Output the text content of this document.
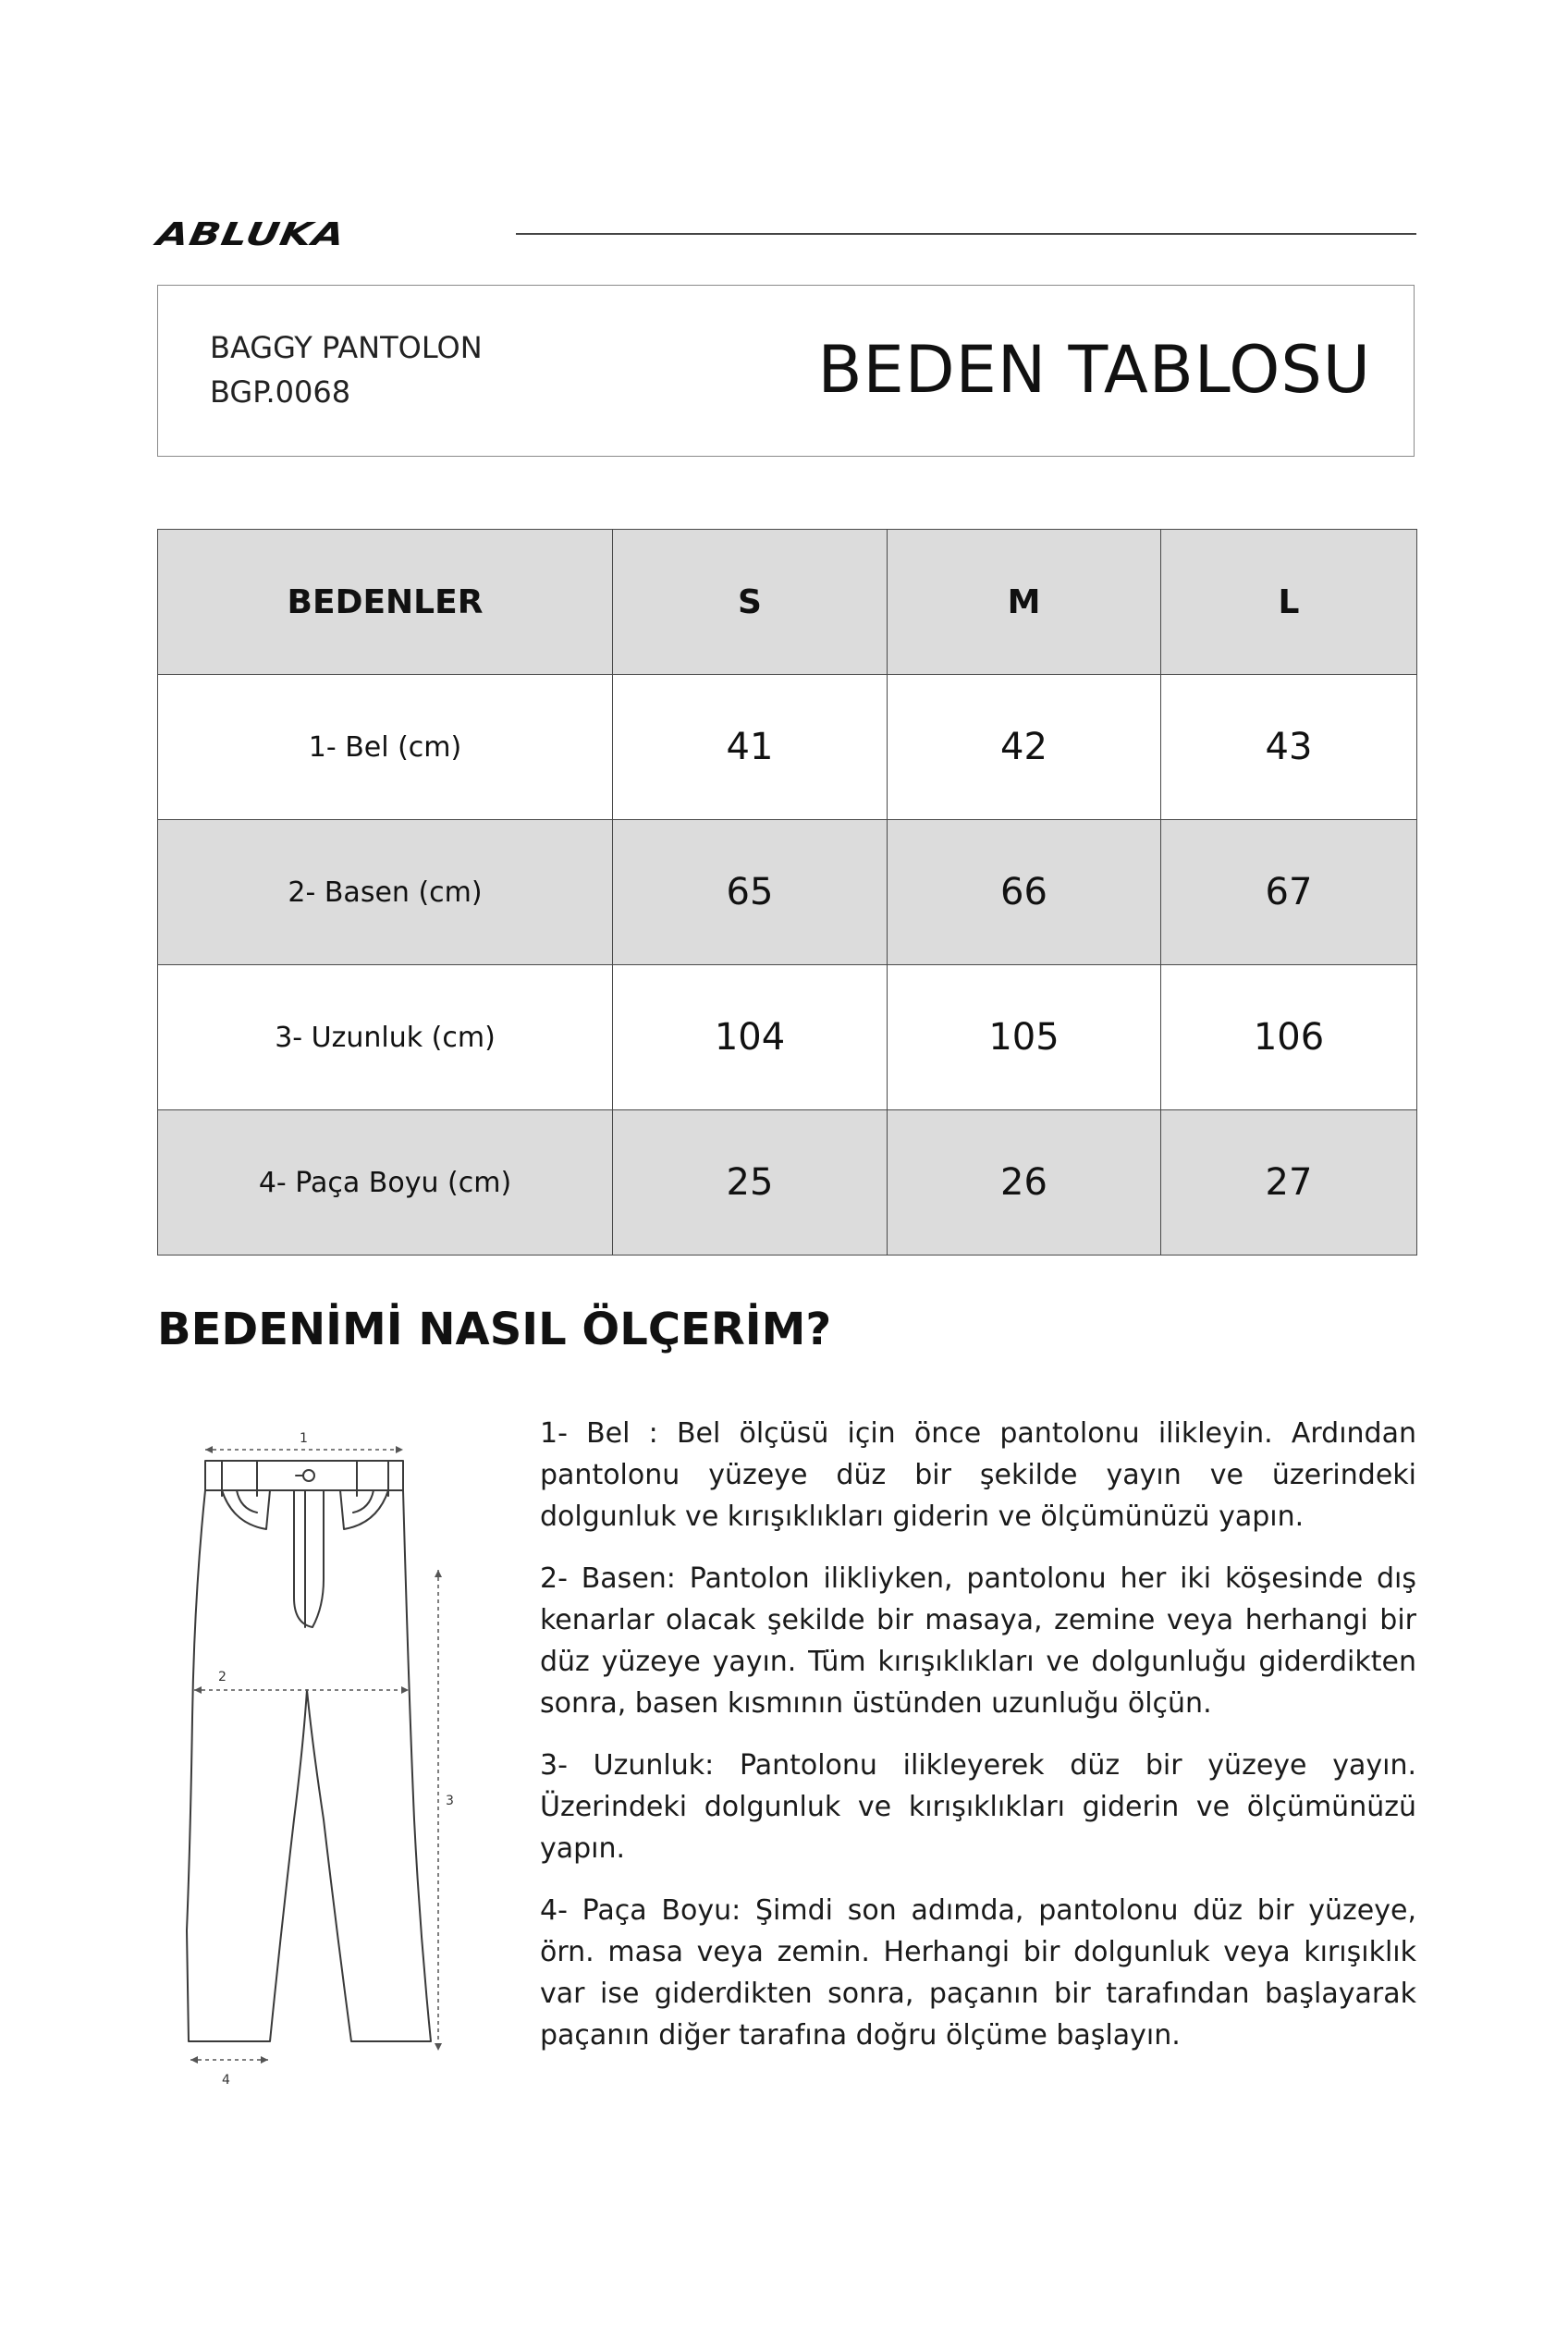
ABLUKA
BAGGY PANTOLON
BGP.0068	BEDEN TABLOSU
BEDENLER	S	M	L
1- Bel (cm)	41	42	43
2- Basen (cm)	65	66	67
3- Uzunluk (cm)	104	105	106
4- Paça Boyu (cm)	25	26	27
BEDENİMİ NASIL ÖLÇERİM?
1
2
3
4

1- Bel : Bel ölçüsü için önce pantolonu ilikleyin. Ardından pantolonu yüzeye düz bir şekilde yayın ve üzerindeki dolgunluk ve kırışıklıkları giderin ve ölçümünüzü yapın.

2- Basen: Pantolon ilikliyken, pantolonu her iki köşesinde dış kenarlar olacak şekilde bir masaya, zemine veya herhangi bir düz yüzeye yayın. Tüm kırışıklıkları ve dolgunluğu giderdikten sonra, basen kısmının üstünden uzunluğu ölçün.

3- Uzunluk: Pantolonu ilikleyerek düz bir yüzeye yayın. Üzerindeki dolgunluk ve kırışıklıkları giderin ve ölçümünüzü yapın.

4- Paça Boyu: Şimdi son adımda, pantolonu düz bir yüzeye, örn. masa veya zemin. Herhangi bir dolgunluk veya kırışıklık var ise giderdikten sonra, paçanın bir tarafından başlayarak paçanın diğer tarafına doğru ölçüme başlayın.
